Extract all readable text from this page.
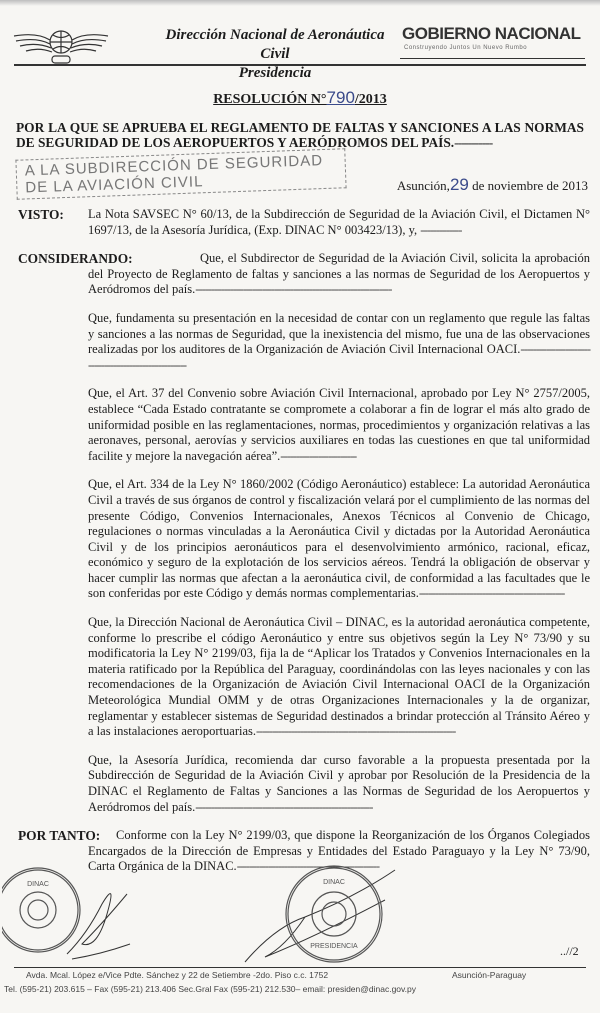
Dirección Nacional de Aeronáutica Civil
Presidencia
GOBIERNO NACIONAL
Construyendo Juntos Un Nuevo Rumbo
RESOLUCIÓN N°790/2013
POR LA QUE SE APRUEBA EL REGLAMENTO DE FALTAS Y SANCIONES A LAS NORMAS DE SEGURIDAD DE LOS AEROPUERTOS Y AERÓDROMOS DEL PAÍS.-----------
A LA SUBDIRECCIÓN DE SEGURIDAD DE LA AVIACIÓN CIVIL	Asunción,29 de noviembre de 2013
VISTO: La Nota SAVSEC N° 60/13, de la Subdirección de Seguridad de la Aviación Civil, el Dictamen N° 1697/13, de la Asesoría Jurídica, (Exp. DINAC N° 003423/13), y, -------------
CONSIDERANDO:	Que, el Subdirector de Seguridad de la Aviación Civil, solicita la aprobación del Proyecto de Reglamento de faltas y sanciones a las normas de Seguridad de los Aeropuertos y Aeródromos del país.--------------------------------------------------------------
Que, fundamenta su presentación en la necesidad de contar con un reglamento que regule las faltas y sanciones a las normas de Seguridad, que la inexistencia del mismo, fue una de las observaciones realizadas por los auditores de la Organización de Aviación Civil Internacional OACI.-----------------------------------------------------
Que, el Art. 37 del Convenio sobre Aviación Civil Internacional, aprobado por Ley N° 2757/2005, establece “Cada Estado contratante se compromete a colaborar a fin de lograr el más alto grado de uniformidad posible en las reglamentaciones, normas, procedimientos y organización relativas a las aeronaves, personal, aerovías y servicios auxiliares en todas las cuestiones en que tal uniformidad facilite y mejore la navegación aérea”.------------------------
Que, el Art. 334 de la Ley N° 1860/2002 (Código Aeronáutico) establece: La autoridad Aeronáutica Civil a través de sus órganos de control y fiscalización velará por el cumplimiento de las normas del presente Código, Convenios Internacionales, Anexos Técnicos al Convenio de Chicago, regulaciones o normas vinculadas a la Aeronáutica Civil y dictadas por la Autoridad Aeronáutica Civil y de los principios aeronáuticos para el desenvolvimiento armónico, racional, eficaz, económico y seguro de la explotación de los servicios aéreos. Tendrá la obligación de observar y hacer cumplir las normas que afectan a la aeronáutica civil, de conformidad a las facultades que le son conferidas por este Código y demás normas complementarias.----------------------------------------------
Que, la Dirección Nacional de Aeronáutica Civil – DINAC, es la autoridad aeronáutica competente, conforme lo prescribe el código Aeronáutico y entre sus objetivos según la Ley N° 73/90 y su modificatoria la Ley N° 2199/03, fija la de “Aplicar los Tratados y Convenios Internacionales en la materia ratificado por la República del Paraguay, coordinándolas con las leyes nacionales y con las recomendaciones de la Organización de Aviación Civil Internacional OACI de la Organización Meteorológica Mundial OMM y de otras Organizaciones Internacionales y la de organizar, reglamentar y establecer sistemas de Seguridad destinados a brindar protección al Tránsito Aéreo y a las instalaciones aeroportuarias.---------------------------------------------------------------
Que, la Asesoría Jurídica, recomienda dar curso favorable a la propuesta presentada por la Subdirección de Seguridad de la Aviación Civil y aprobar por Resolución de la Presidencia de la DINAC el Reglamento de Faltas y Sanciones a las Normas de Seguridad de los Aeropuertos y Aeródromos del país.--------------------------------------------------------
POR TANTO: Conforme con la Ley N° 2199/03, que dispone la Reorganización de los Órganos Colegiados Encargados de la Dirección de Empresas y Entidades del Estado Paraguayo y la Ley N° 73/90, Carta Orgánica de la DINAC.---------------------------------------------
DINAC	DINAC
PRESIDENCIA	..//2
Avda. Mcal. López e/Vice Pdte. Sánchez y 22 de Setiembre -2do. Piso c.c. 1752	Asunción-Paraguay
Tel. (595-21) 203.615 – Fax (595-21) 213.406 Sec.Gral Fax (595-21) 212.530– email: presiden@dinac.gov.py
